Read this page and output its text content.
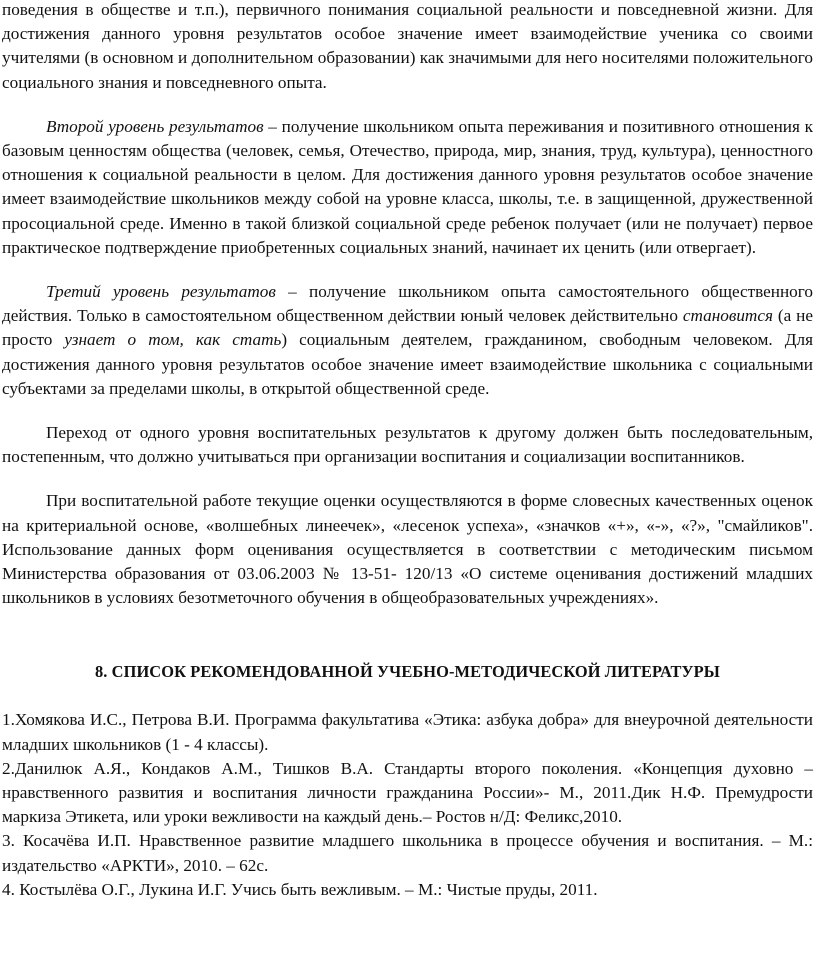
поведения в обществе и т.п.), первичного понимания социальной реальности и повседневной жизни. Для достижения данного уровня результатов особое значение имеет взаимодействие ученика со своими учителями (в основном и дополнительном образовании) как значимыми для него носителями положительного социального знания и повседневного опыта.

Второй уровень результатов – получение школьником опыта переживания и позитивного отношения к базовым ценностям общества (человек, семья, Отечество, природа, мир, знания, труд, культура), ценностного отношения к социальной реальности в целом. Для достижения данного уровня результатов особое значение имеет взаимодействие школьников между собой на уровне класса, школы, т.е. в защищенной, дружественной просоциальной среде. Именно в такой близкой социальной среде ребенок получает (или не получает) первое практическое подтверждение приобретенных социальных знаний, начинает их ценить (или отвергает).

Третий уровень результатов – получение школьником опыта самостоятельного общественного действия. Только в самостоятельном общественном действии юный человек действительно становится (а не просто узнает о том, как стать) социальным деятелем, гражданином, свободным человеком. Для достижения данного уровня результатов особое значение имеет взаимодействие школьника с социальными субъектами за пределами школы, в открытой общественной среде.

Переход от одного уровня воспитательных результатов к другому должен быть последовательным, постепенным, что должно учитываться при организации воспитания и социализации воспитанников.

При воспитательной работе текущие оценки осуществляются в форме словесных качественных оценок на критериальной основе, «волшебных линеечек», «лесенок успеха», «значков «+», «-», «?», "смайликов". Использование данных форм оценивания осуществляется в соответствии с методическим письмом Министерства образования от 03.06.2003 № 13-51- 120/13 «О системе оценивания достижений младших школьников в условиях безотметочного обучения в общеобразовательных учреждениях».

8. СПИСОК РЕКОМЕНДОВАННОЙ УЧЕБНО-МЕТОДИЧЕСКОЙ ЛИТЕРАТУРЫ

1.Хомякова И.С., Петрова В.И. Программа факультатива «Этика: азбука добра» для внеурочной деятельности младших школьников (1 - 4 классы).

2.Данилюк А.Я., Кондаков А.М., Тишков В.А. Стандарты второго поколения. «Концепция духовно – нравственного развития и воспитания личности гражданина России»- М., 2011.Дик Н.Ф. Премудрости маркиза Этикета, или уроки вежливости на каждый день.– Ростов н/Д: Феликс,2010.

3. Косачёва И.П. Нравственное развитие младшего школьника в процессе обучения и воспитания. – М.: издательство «АРКТИ», 2010. – 62с.

4. Костылёва О.Г., Лукина И.Г. Учись быть вежливым. – М.: Чистые пруды, 2011.
